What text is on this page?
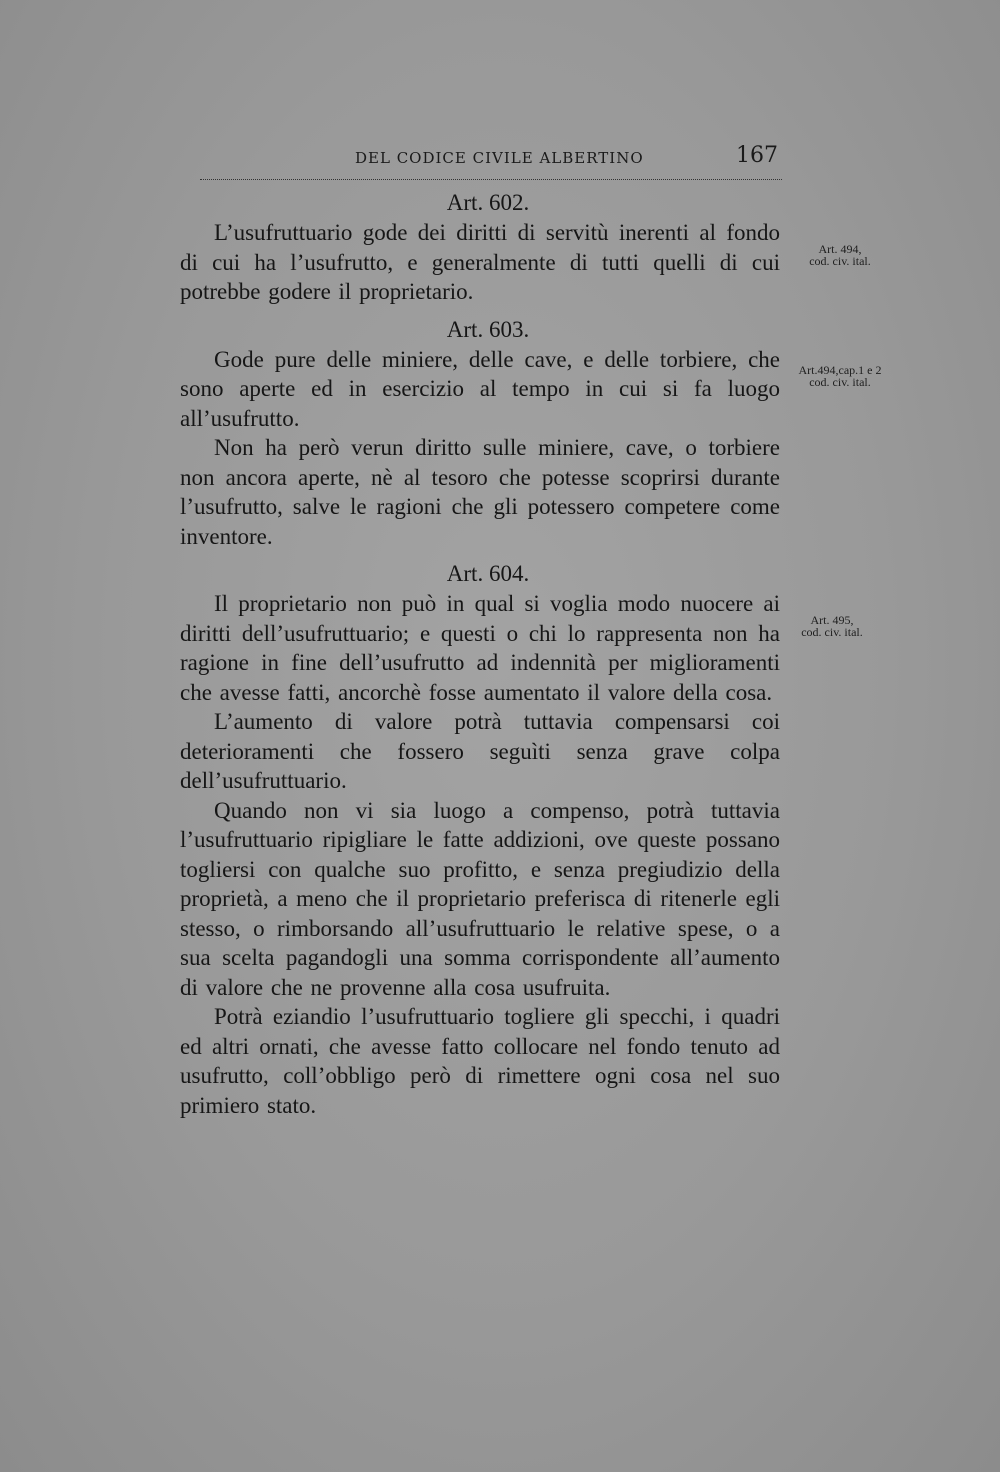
DEL CODICE CIVILE ALBERTINO	167

Art. 602.

L’usufruttuario gode dei diritti di servitù inerenti al fondo di cui ha l’usufrutto, e generalmente di tutti quelli di cui potrebbe godere il proprietario.

Art. 603.

Gode pure delle miniere, delle cave, e delle torbiere, che sono aperte ed in esercizio al tempo in cui si fa luogo all’usufrutto.

Non ha però verun diritto sulle miniere, cave, o torbiere non ancora aperte, nè al tesoro che potesse scoprirsi durante l’usufrutto, salve le ragioni che gli potessero competere come inventore.

Art. 604.

Il proprietario non può in qual si voglia modo nuocere ai diritti dell’usufruttuario; e questi o chi lo rappresenta non ha ragione in fine dell’usufrutto ad indennità per miglioramenti che avesse fatti, ancorchè fosse aumentato il valore della cosa.

L’aumento di valore potrà tuttavia compensarsi coi deterioramenti che fossero seguìti senza grave colpa dell’usufruttuario.

Quando non vi sia luogo a compenso, potrà tuttavia l’usufruttuario ripigliare le fatte addizioni, ove queste possano togliersi con qualche suo profitto, e senza pregiudizio della proprietà, a meno che il proprietario preferisca di ritenerle egli stesso, o rimborsando all’usufruttuario le relative spese, o a sua scelta pagandogli una somma corrispondente all’aumento di valore che ne provenne alla cosa usufruita.

Potrà eziandio l’usufruttuario togliere gli specchi, i quadri ed altri ornati, che avesse fatto collocare nel fondo tenuto ad usufrutto, coll’obbligo però di rimettere ogni cosa nel suo primiero stato.

Art. 494,
cod. civ. ital.
Art.494,cap.1 e 2
cod. civ. ital.
Art. 495,
cod. civ. ital.
